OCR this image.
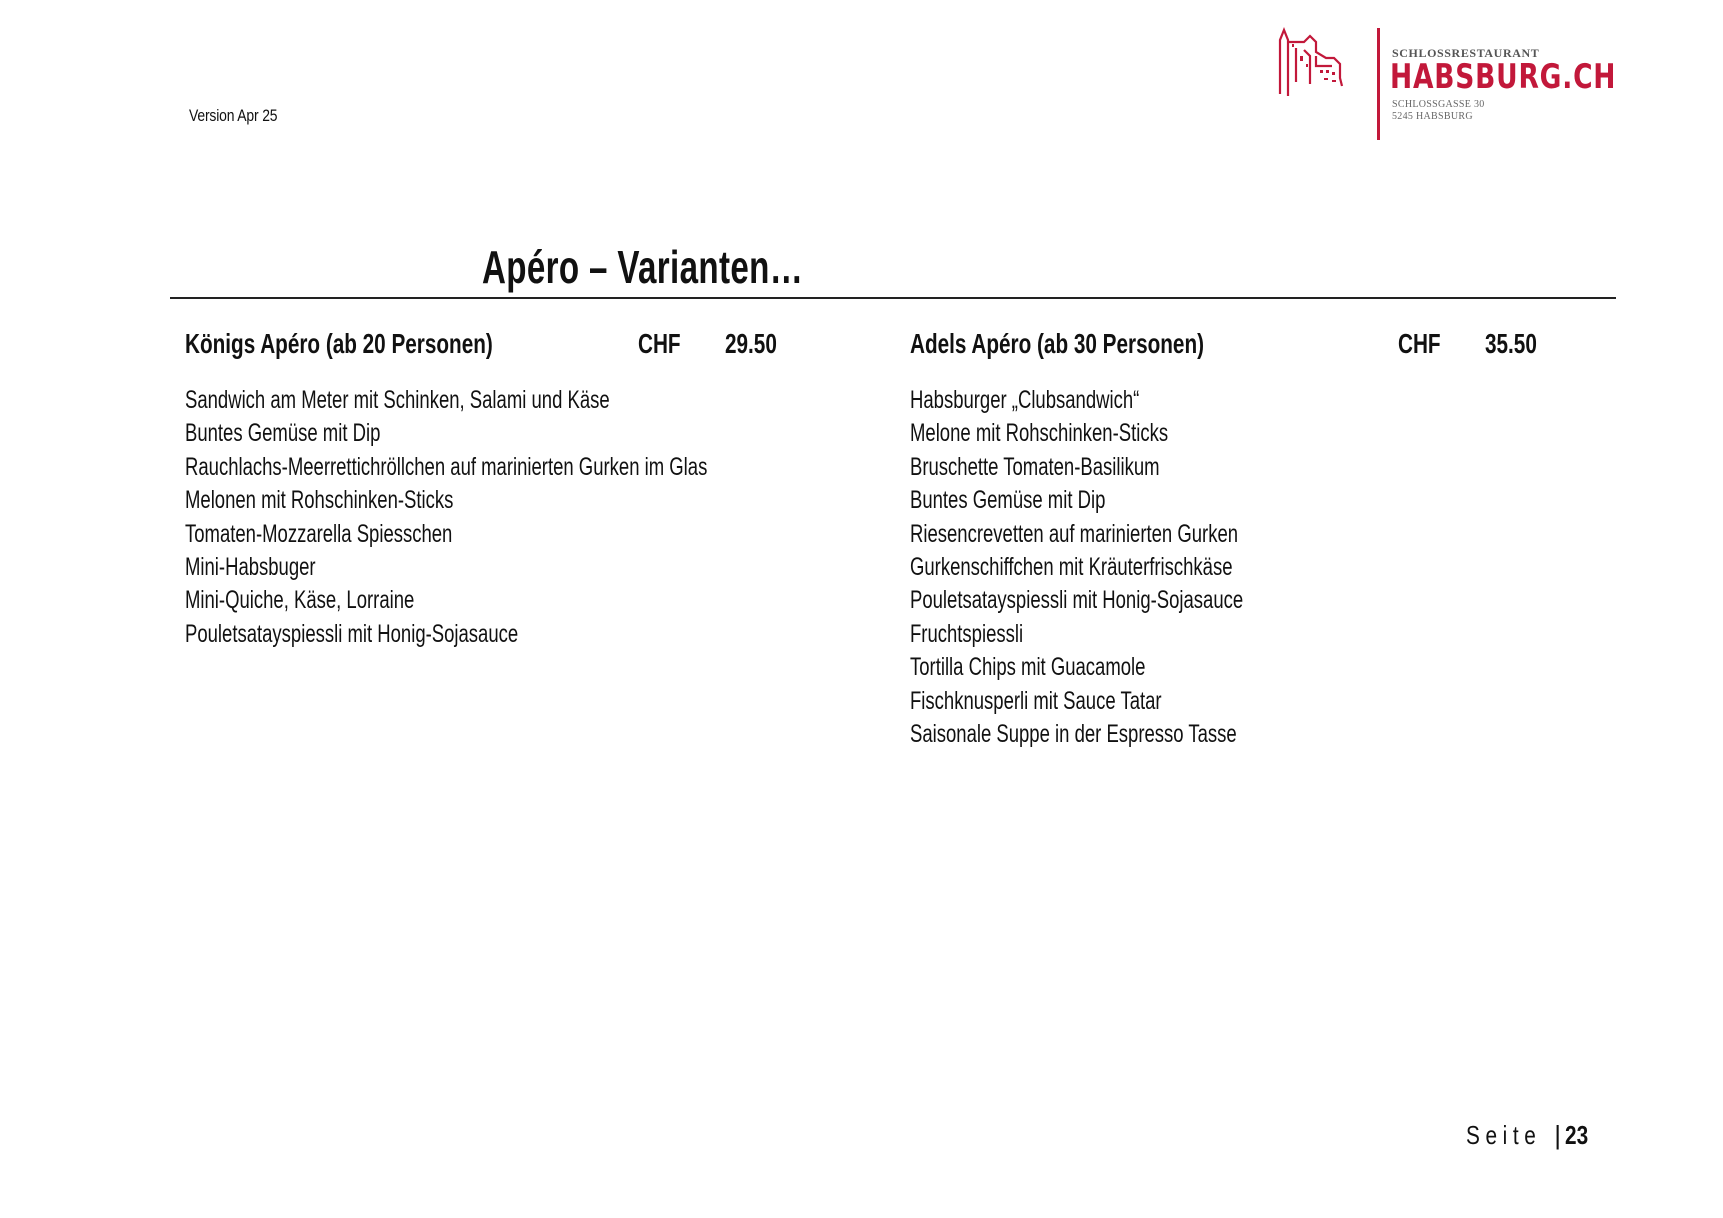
Version Apr 25
SCHLOSSRESTAURANT
HABSBURG.CH
SCHLOSSGASSE 30
5245 HABSBURG
Apéro – Varianten…
Königs Apéro (ab 20 Personen)	CHF 29.50
Sandwich am Meter mit Schinken, Salami und Käse
Buntes Gemüse mit Dip
Rauchlachs-Meerrettichröllchen auf marinierten Gurken im Glas
Melonen mit Rohschinken-Sticks
Tomaten-Mozzarella Spiesschen
Mini-Habsbuger
Mini-Quiche, Käse, Lorraine
Pouletsatayspiessli mit Honig-Sojasauce
Adels Apéro (ab 30 Personen)	CHF 35.50
Habsburger „Clubsandwich“
Melone mit Rohschinken-Sticks
Bruschette Tomaten-Basilikum
Buntes Gemüse mit Dip
Riesencrevetten auf marinierten Gurken
Gurkenschiffchen mit Kräuterfrischkäse
Pouletsatayspiessli mit Honig-Sojasauce
Fruchtspiessli
Tortilla Chips mit Guacamole
Fischknusperli mit Sauce Tatar
Saisonale Suppe in der Espresso Tasse
Seite | 23
